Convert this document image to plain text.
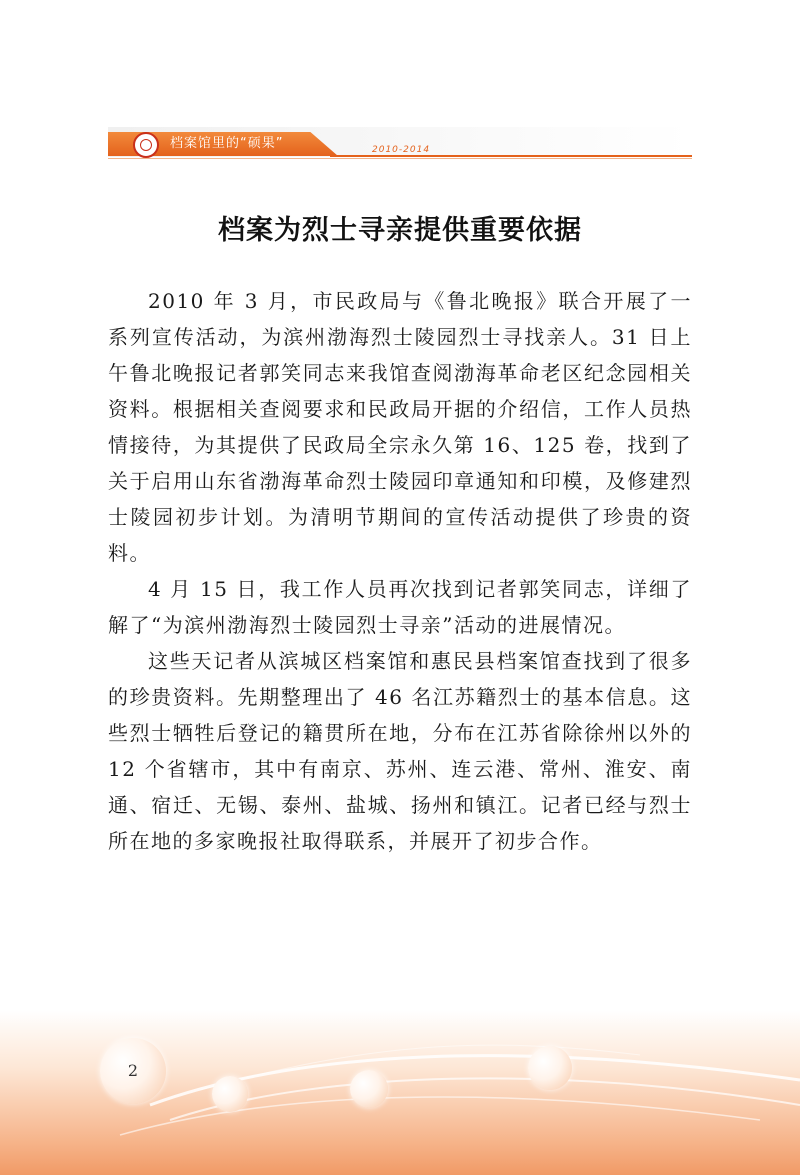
档案馆里的“硕果”	2010-2014
档案为烈士寻亲提供重要依据

2010 年 3 月，市民政局与《鲁北晚报》联合开展了一系列宣传活动，为滨州渤海烈士陵园烈士寻找亲人。31 日上午鲁北晚报记者郭笑同志来我馆查阅渤海革命老区纪念园相关资料。根据相关查阅要求和民政局开据的介绍信，工作人员热情接待，为其提供了民政局全宗永久第 16、125 卷，找到了关于启用山东省渤海革命烈士陵园印章通知和印模，及修建烈士陵园初步计划。为清明节期间的宣传活动提供了珍贵的资料。

4 月 15 日，我工作人员再次找到记者郭笑同志，详细了解了“为滨州渤海烈士陵园烈士寻亲”活动的进展情况。

这些天记者从滨城区档案馆和惠民县档案馆查找到了很多的珍贵资料。先期整理出了 46 名江苏籍烈士的基本信息。这些烈士牺牲后登记的籍贯所在地，分布在江苏省除徐州以外的 12 个省辖市，其中有南京、苏州、连云港、常州、淮安、南通、宿迁、无锡、泰州、盐城、扬州和镇江。记者已经与烈士所在地的多家晚报社取得联系，并展开了初步合作。

2
